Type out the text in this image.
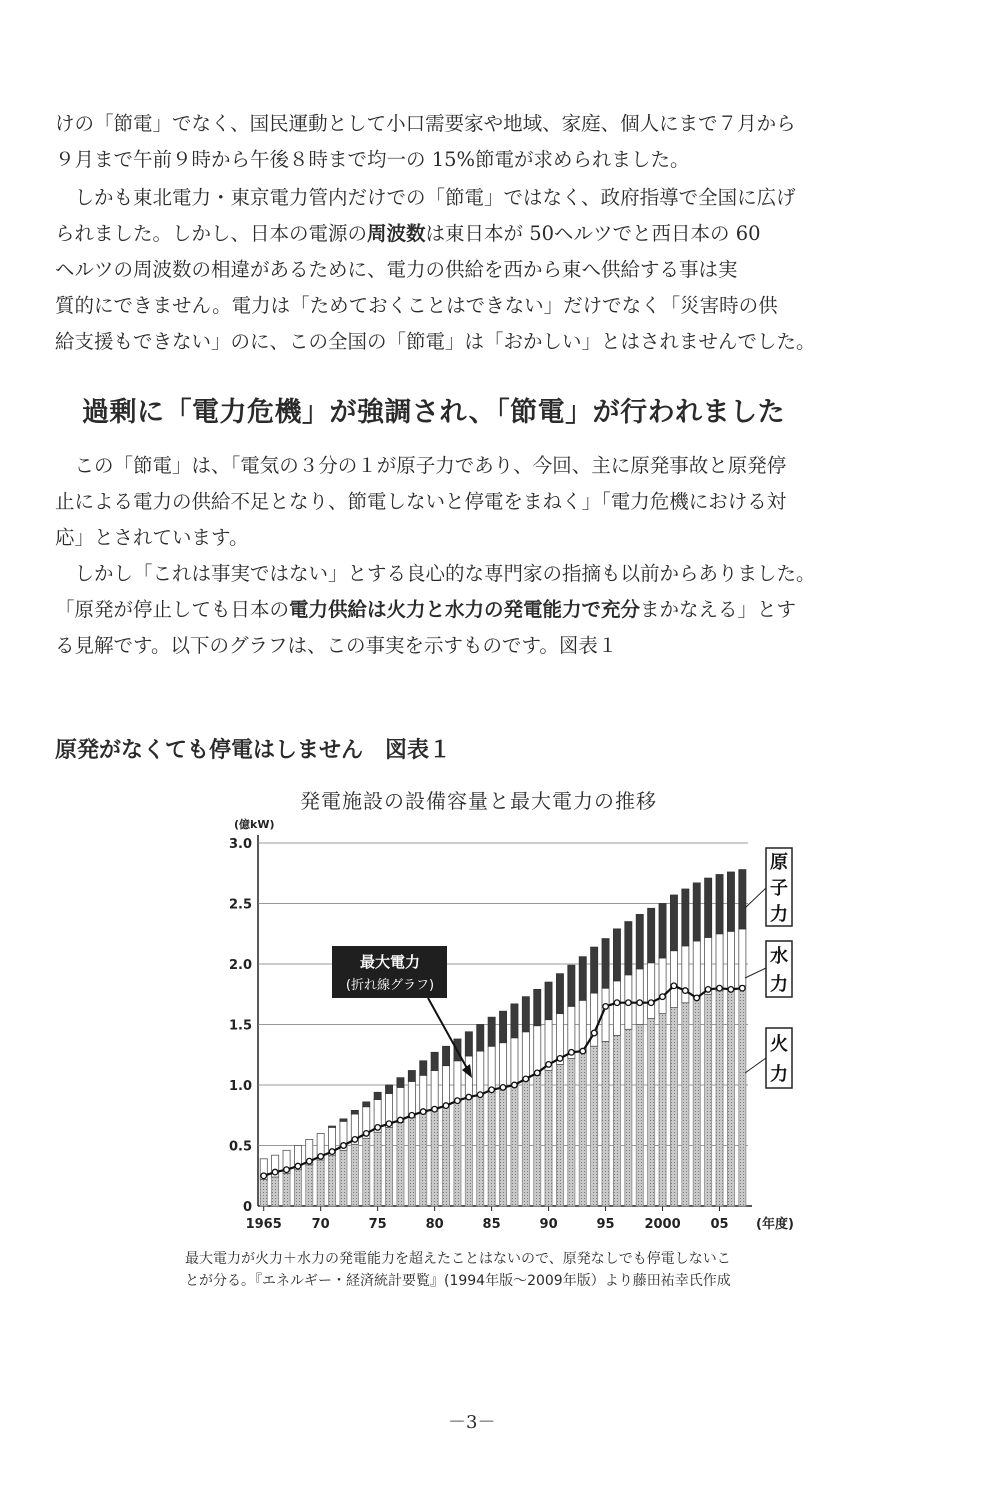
けの「節電」でなく、国民運動として小口需要家や地域、家庭、個人にまで７月から
９月まで午前９時から午後８時まで均一の 15%節電が求められました。
　しかも東北電力・東京電力管内だけでの「節電」ではなく、政府指導で全国に広げ
られました。しかし、日本の電源の周波数は東日本が 50ヘルツでと西日本の 60
ヘルツの周波数の相違があるために、電力の供給を西から東へ供給する事は実
質的にできません。電力は「ためておくことはできない」だけでなく「災害時の供
給支援もできない」のに、この全国の「節電」は「おかしい」とはされませんでした。
過剰に「電力危機」が強調され、「節電」が行われました
　この「節電」は、「電気の３分の１が原子力であり、今回、主に原発事故と原発停
止による電力の供給不足となり、節電しないと停電をまねく」「電力危機における対
応」とされています。
　しかし「これは事実ではない」とする良心的な専門家の指摘も以前からありました。
「原発が停止しても日本の電力供給は火力と水力の発電能力で充分まかなえる」とす
る見解です。以下のグラフは、この事実を示すものです。図表１
原発がなくても停電はしません　図表１
発電施設の設備容量と最大電力の推移
0
0.5
1.0
1.5
2.0
2.5
3.0
(億kW)
1965 70	75	80	85	90	95 2000 05 (年度)
最大電力
(折れ線グラフ)
原
子
力
水
力
火
力
最大電力が火力＋水力の発電能力を超えたことはないので、原発なしでも停電しないこ
とが分る。『エネルギー・経済統計要覧』(1994年版～2009年版）より藤田祐幸氏作成
－3－
